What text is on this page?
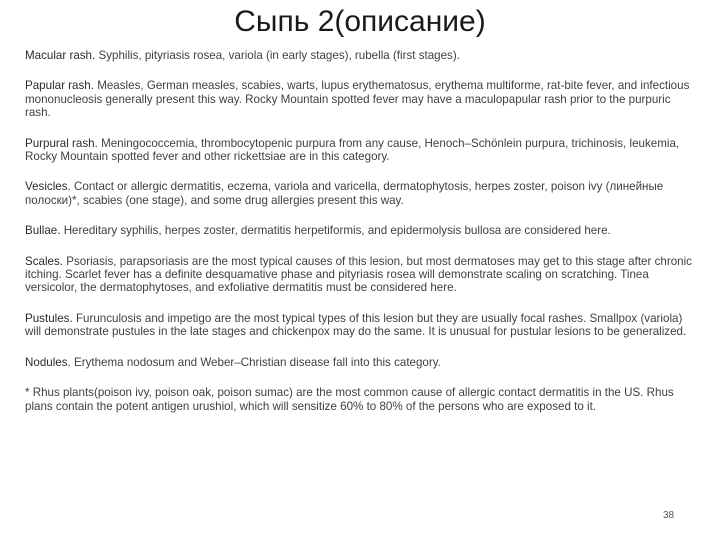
Сыпь 2(описание)

Macular rash. Syphilis, pityriasis rosea, variola (in early stages), rubella (first stages).

Papular rash. Measles, German measles, scabies, warts, lupus erythematosus, erythema multiforme, rat-bite fever, and infectious mononucleosis generally present this way. Rocky Mountain spotted fever may have a maculopapular rash prior to the purpuric rash.

Purpural rash. Meningococcemia, thrombocytopenic purpura from any cause, Henoch–Schönlein purpura, trichinosis, leukemia, Rocky Mountain spotted fever and other rickettsiae are in this category.

Vesicles. Contact or allergic dermatitis, eczema, variola and varicella, dermatophytosis, herpes zoster, poison ivy (линейные полоски)*, scabies (one stage), and some drug allergies present this way.

Bullae. Hereditary syphilis, herpes zoster, dermatitis herpetiformis, and epidermolysis bullosa are considered here.

Scales. Psoriasis, parapsoriasis are the most typical causes of this lesion, but most dermatoses may get to this stage after chronic itching. Scarlet fever has a definite desquamative phase and pityriasis rosea will demonstrate scaling on scratching. Tinea versicolor, the dermatophytoses, and exfoliative dermatitis must be considered here.

Pustules. Furunculosis and impetigo are the most typical types of this lesion but they are usually focal rashes. Smallpox (variola) will demonstrate pustules in the late stages and chickenpox may do the same. It is unusual for pustular lesions to be generalized.

Nodules. Erythema nodosum and Weber–Christian disease fall into this category.

* Rhus plants(poison ivy, poison oak, poison sumac) are the most common cause of allergic contact dermatitis in the US. Rhus plans contain the potent antigen urushiol, which will sensitize 60% to 80% of the persons who are exposed to it.

38
